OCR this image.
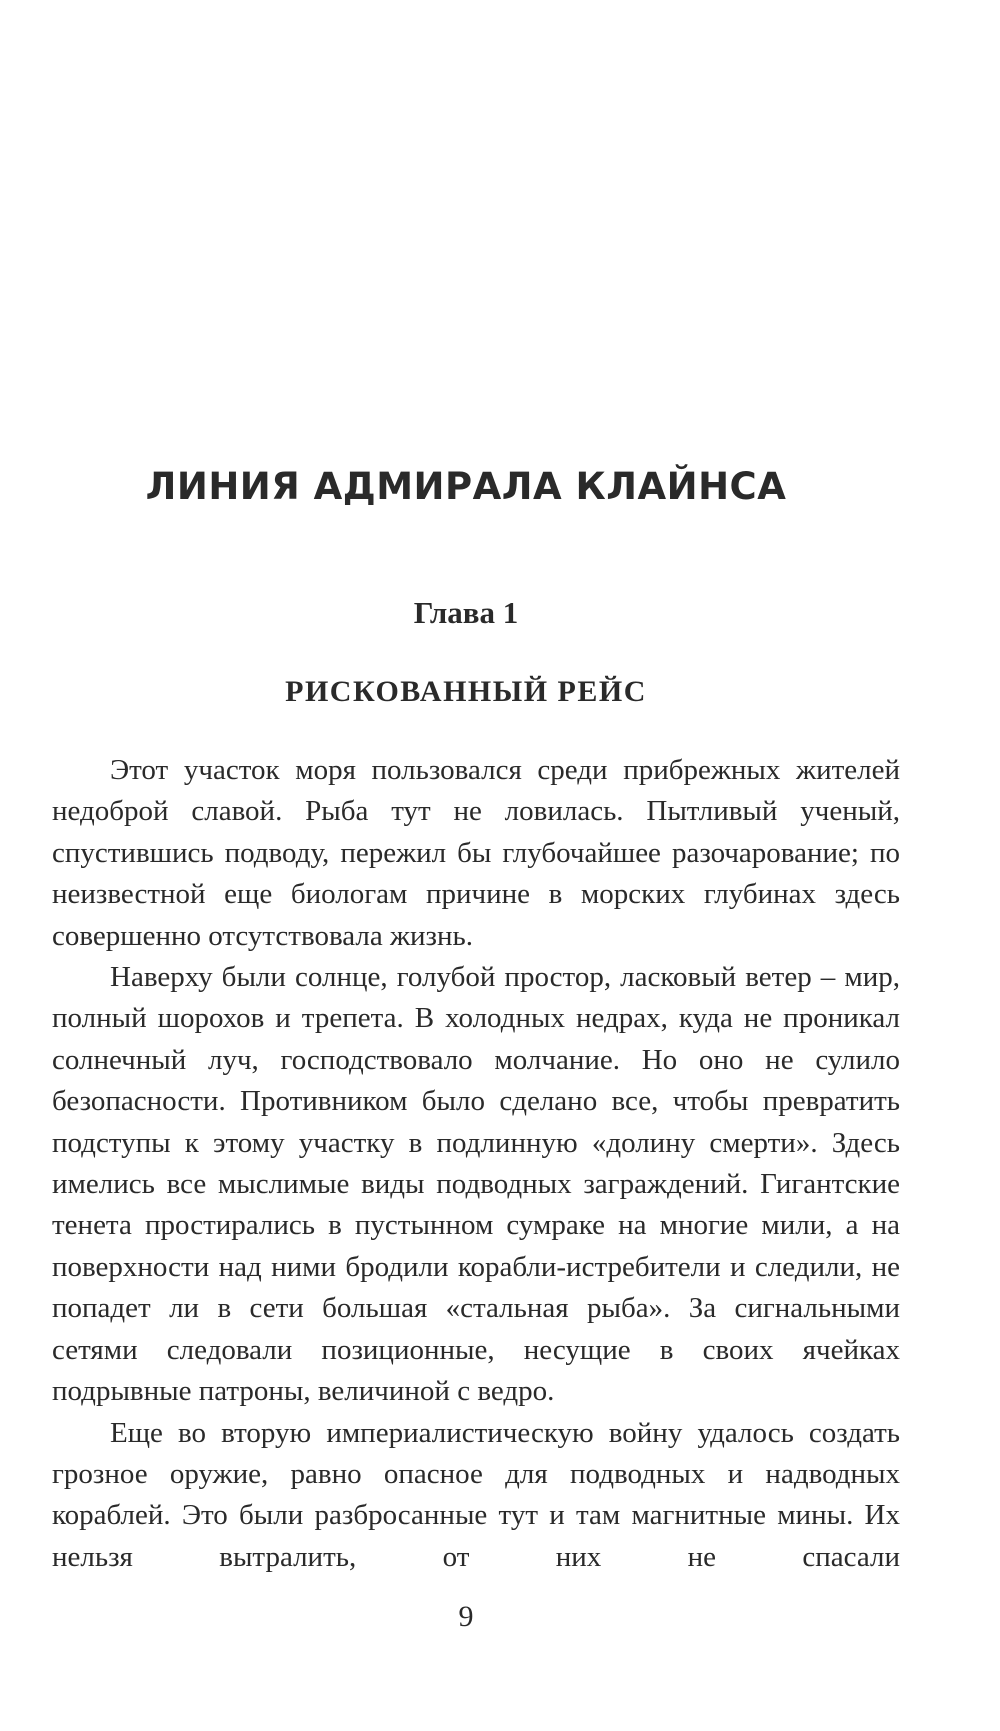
ЛИНИЯ АДМИРАЛА КЛАЙНСА
Глава 1
РИСКОВАННЫЙ РЕЙС

Этот участок моря пользовался среди прибрежных жителей недоброй славой. Рыба тут не ловилась. Пытливый ученый, спустившись подводу, пережил бы глубочайшее разочарование; по неизвестной еще биологам причине в морских глубинах здесь совершенно отсутствовала жизнь.

Наверху были солнце, голубой простор, ласковый ветер – мир, полный шорохов и трепета. В холодных недрах, куда не проникал солнечный луч, господствовало молчание. Но оно не сулило безопасности. Противником было сделано все, чтобы превратить подступы к этому участку в подлинную «долину смерти». Здесь имелись все мыслимые виды подводных заграждений. Гигантские тенета простирались в пустынном сумраке на многие мили, а на поверхности над ними бродили корабли-истребители и следили, не попадет ли в сети большая «стальная рыба». За сигнальными сетями следовали позиционные, несущие в своих ячейках подрывные патроны, величиной с ведро.

Еще во вторую империалистическую войну удалось создать грозное оружие, равно опасное для подводных и надводных кораблей. Это были разбросанные тут и там магнитные мины. Их нельзя вытралить, от них не спасали

9
